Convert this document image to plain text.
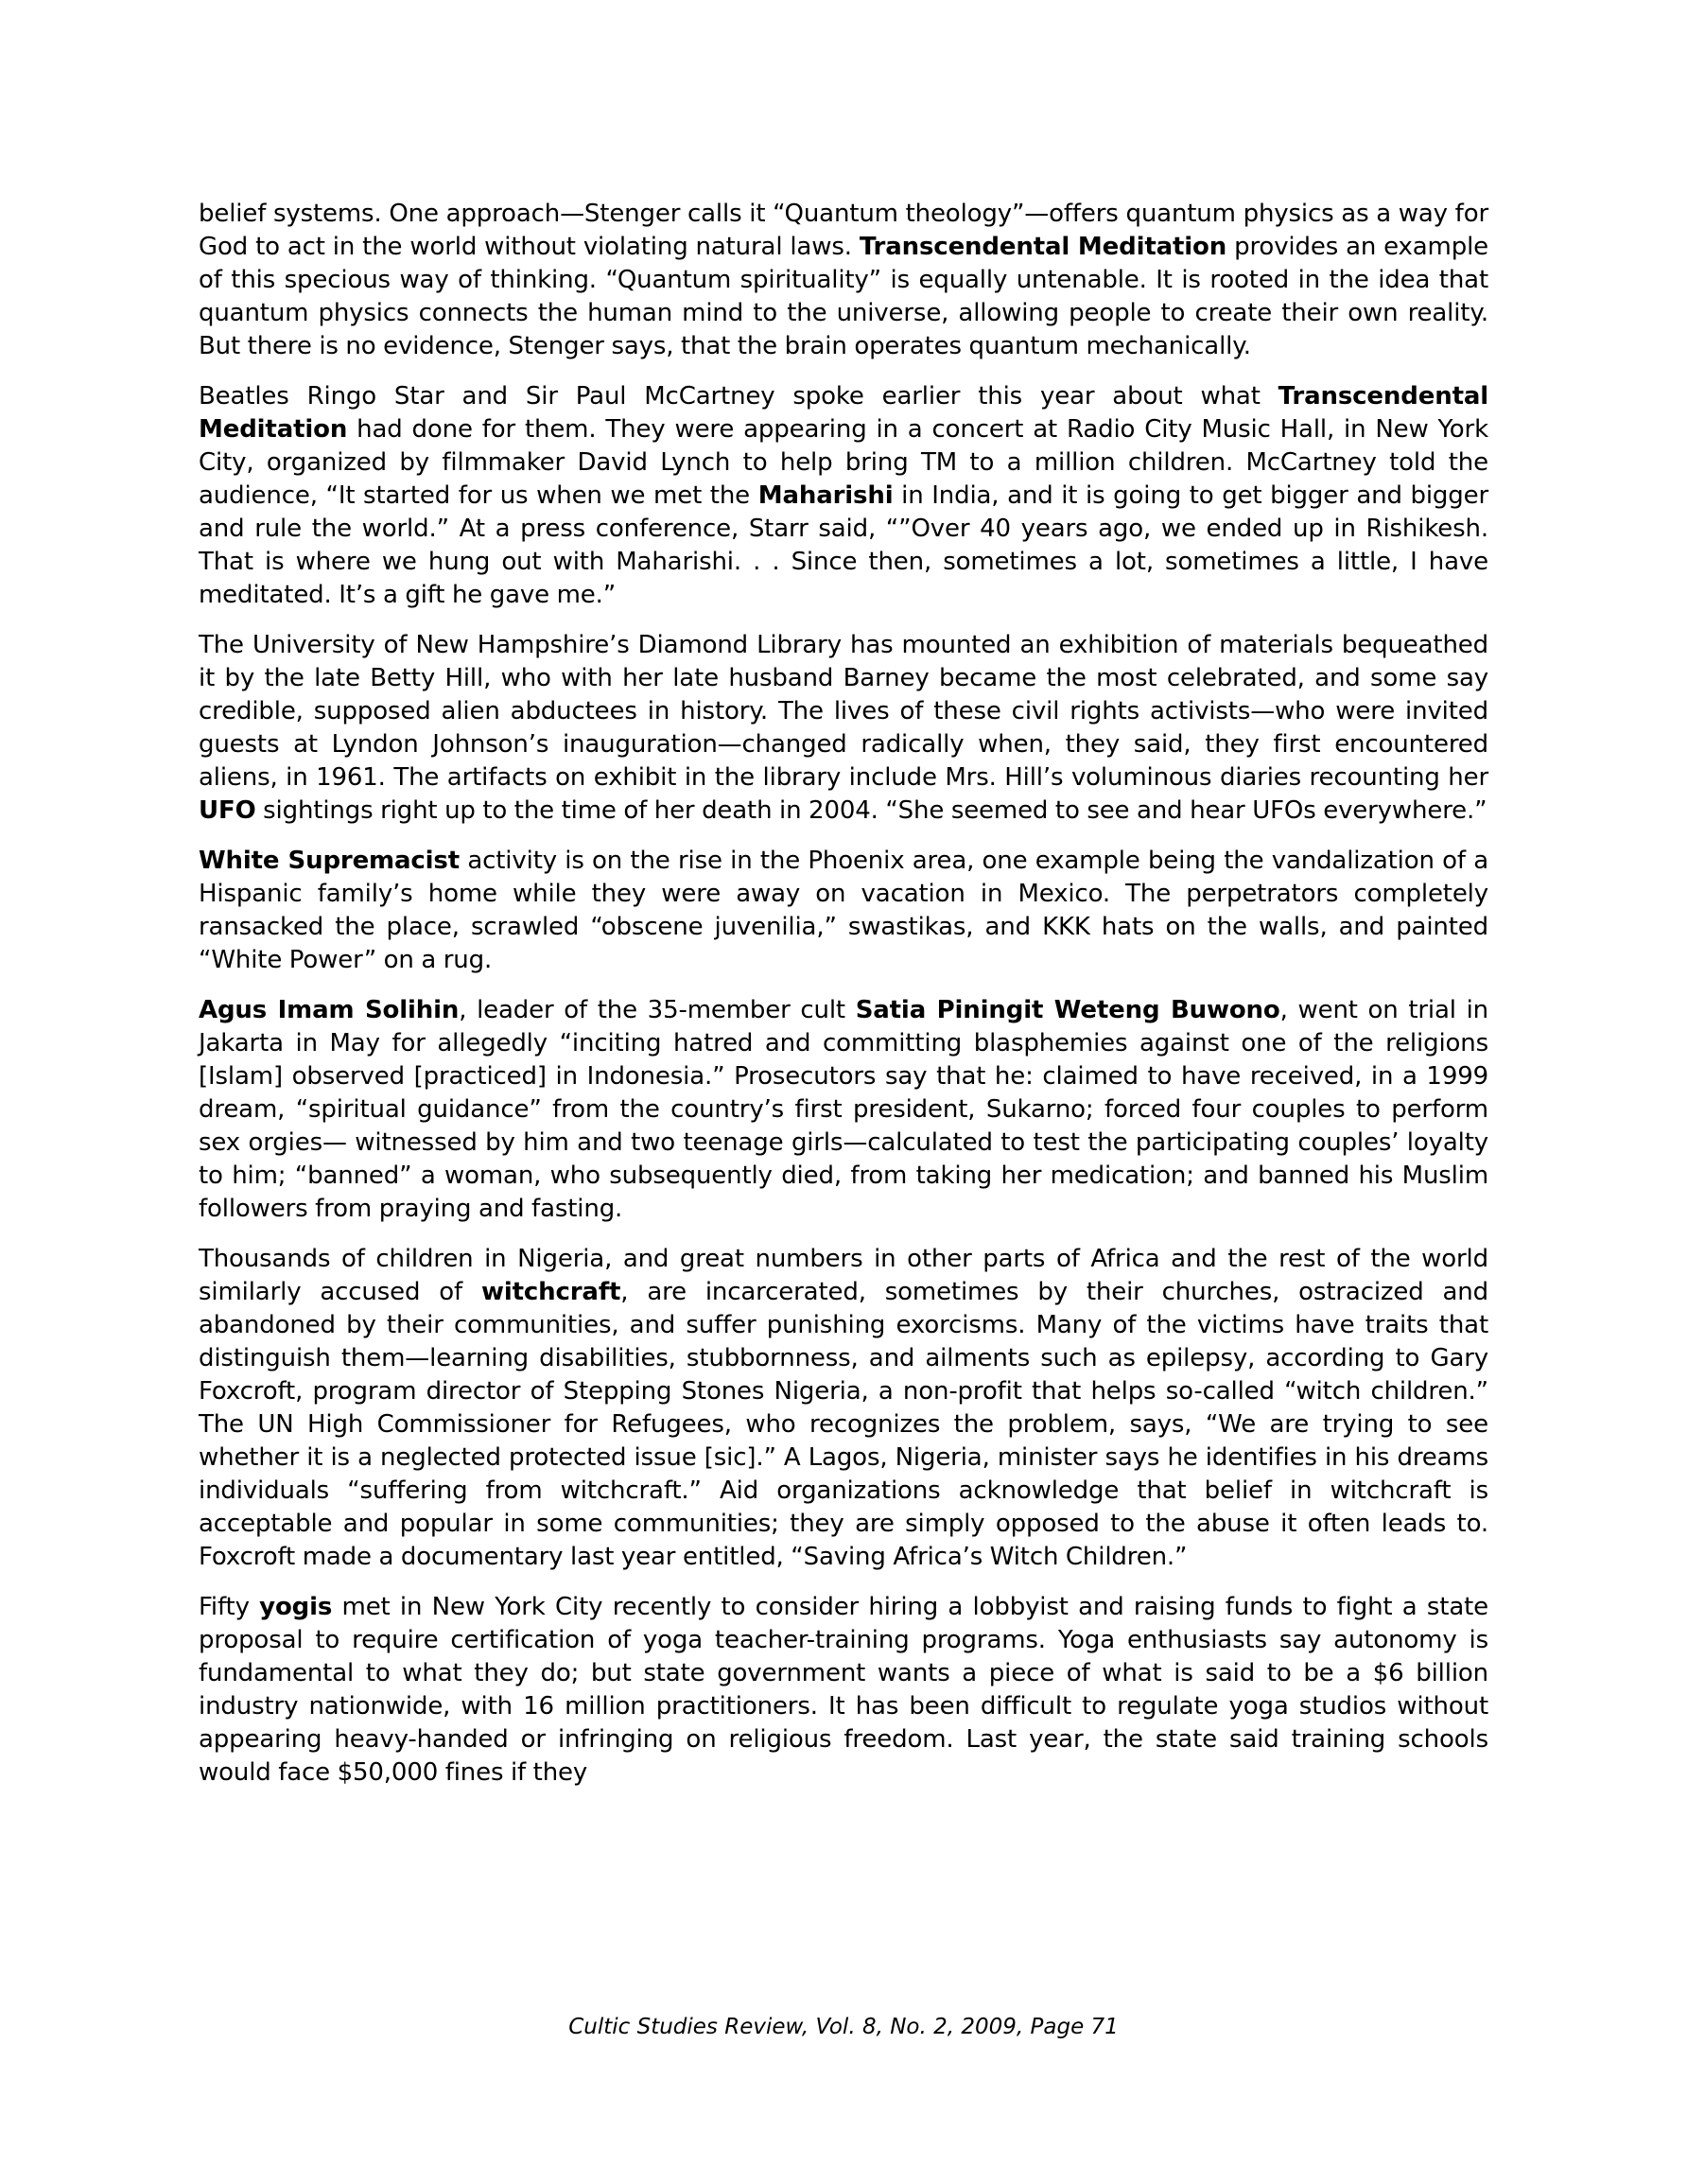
belief systems. One approach—Stenger calls it “Quantum theology”—offers quantum physics as a way for God to act in the world without violating natural laws. Transcendental Meditation provides an example of this specious way of thinking. “Quantum spirituality” is equally untenable. It is rooted in the idea that quantum physics connects the human mind to the universe, allowing people to create their own reality. But there is no evidence, Stenger says, that the brain operates quantum mechanically.

Beatles Ringo Star and Sir Paul McCartney spoke earlier this year about what Transcendental Meditation had done for them. They were appearing in a concert at Radio City Music Hall, in New York City, organized by filmmaker David Lynch to help bring TM to a million children. McCartney told the audience, “It started for us when we met the Maharishi in India, and it is going to get bigger and bigger and rule the world.” At a press conference, Starr said, “”Over 40 years ago, we ended up in Rishikesh. That is where we hung out with Maharishi. . . Since then, sometimes a lot, sometimes a little, I have meditated. It’s a gift he gave me.”

The University of New Hampshire’s Diamond Library has mounted an exhibition of materials bequeathed it by the late Betty Hill, who with her late husband Barney became the most celebrated, and some say credible, supposed alien abductees in history. The lives of these civil rights activists—who were invited guests at Lyndon Johnson’s inauguration—changed radically when, they said, they first encountered aliens, in 1961. The artifacts on exhibit in the library include Mrs. Hill’s voluminous diaries recounting her UFO sightings right up to the time of her death in 2004. “She seemed to see and hear UFOs everywhere.”

White Supremacist activity is on the rise in the Phoenix area, one example being the vandalization of a Hispanic family’s home while they were away on vacation in Mexico. The perpetrators completely ransacked the place, scrawled “obscene juvenilia,” swastikas, and KKK hats on the walls, and painted “White Power” on a rug.

Agus Imam Solihin, leader of the 35-member cult Satia Piningit Weteng Buwono, went on trial in Jakarta in May for allegedly “inciting hatred and committing blasphemies against one of the religions [Islam] observed [practiced] in Indonesia.” Prosecutors say that he: claimed to have received, in a 1999 dream, “spiritual guidance” from the country’s first president, Sukarno; forced four couples to perform sex orgies— witnessed by him and two teenage girls—calculated to test the participating couples’ loyalty to him; “banned” a woman, who subsequently died, from taking her medication; and banned his Muslim followers from praying and fasting.

Thousands of children in Nigeria, and great numbers in other parts of Africa and the rest of the world similarly accused of witchcraft, are incarcerated, sometimes by their churches, ostracized and abandoned by their communities, and suffer punishing exorcisms. Many of the victims have traits that distinguish them—learning disabilities, stubbornness, and ailments such as epilepsy, according to Gary Foxcroft, program director of Stepping Stones Nigeria, a non-profit that helps so-called “witch children.” The UN High Commissioner for Refugees, who recognizes the problem, says, “We are trying to see whether it is a neglected protected issue [sic].” A Lagos, Nigeria, minister says he identifies in his dreams individuals “suffering from witchcraft.” Aid organizations acknowledge that belief in witchcraft is acceptable and popular in some communities; they are simply opposed to the abuse it often leads to. Foxcroft made a documentary last year entitled, “Saving Africa’s Witch Children.”

Fifty yogis met in New York City recently to consider hiring a lobbyist and raising funds to fight a state proposal to require certification of yoga teacher-training programs. Yoga enthusiasts say autonomy is fundamental to what they do; but state government wants a piece of what is said to be a $6 billion industry nationwide, with 16 million practitioners. It has been difficult to regulate yoga studios without appearing heavy-handed or infringing on religious freedom. Last year, the state said training schools would face $50,000 fines if they

Cultic Studies Review, Vol. 8, No. 2, 2009, Page 71
